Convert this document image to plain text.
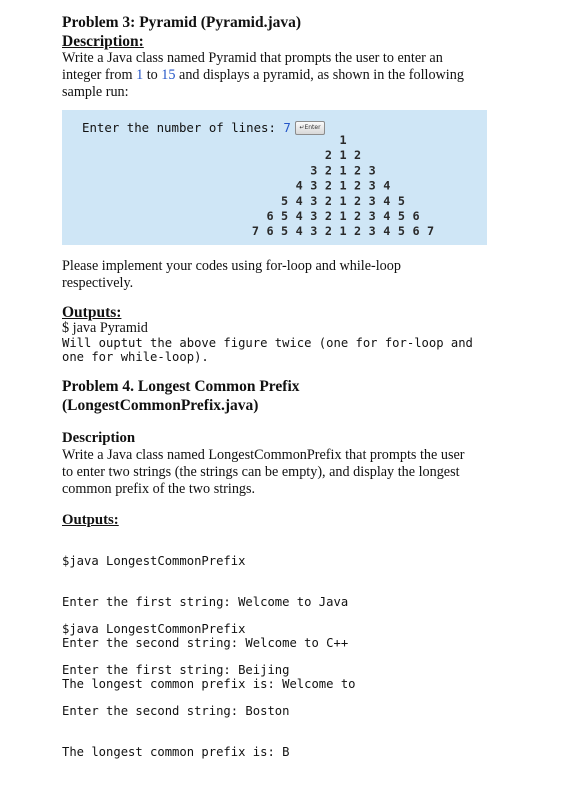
Problem 3: Pyramid (Pyramid.java)
Description:
Write a Java class named Pyramid that prompts the user to enter an
integer from 1 to 15 and displays a pyramid, as shown in the following
sample run:
Enter the number of lines: 7	↵Enter
1
2 1 2
3 2 1 2 3
4 3 2 1 2 3 4
5 4 3 2 1 2 3 4 5
6 5 4 3 2 1 2 3 4 5 6
7 6 5 4 3 2 1 2 3 4 5 6 7
Please implement your codes using for-loop and while-loop
respectively.
Outputs:
$ java Pyramid
Will ouptut the above figure twice (one for for-loop and
one for while-loop).
Problem 4. Longest Common Prefix
(LongestCommonPrefix.java)
Description
Write a Java class named LongestCommonPrefix that prompts the user
to enter two strings (the strings can be empty), and display the longest
common prefix of the two strings.
Outputs:

$java LongestCommonPrefix

Enter the first string: Welcome to Java

Enter the second string: Welcome to C++

The longest common prefix is: Welcome to

$java LongestCommonPrefix

Enter the first string: Beijing

Enter the second string: Boston

The longest common prefix is: B
